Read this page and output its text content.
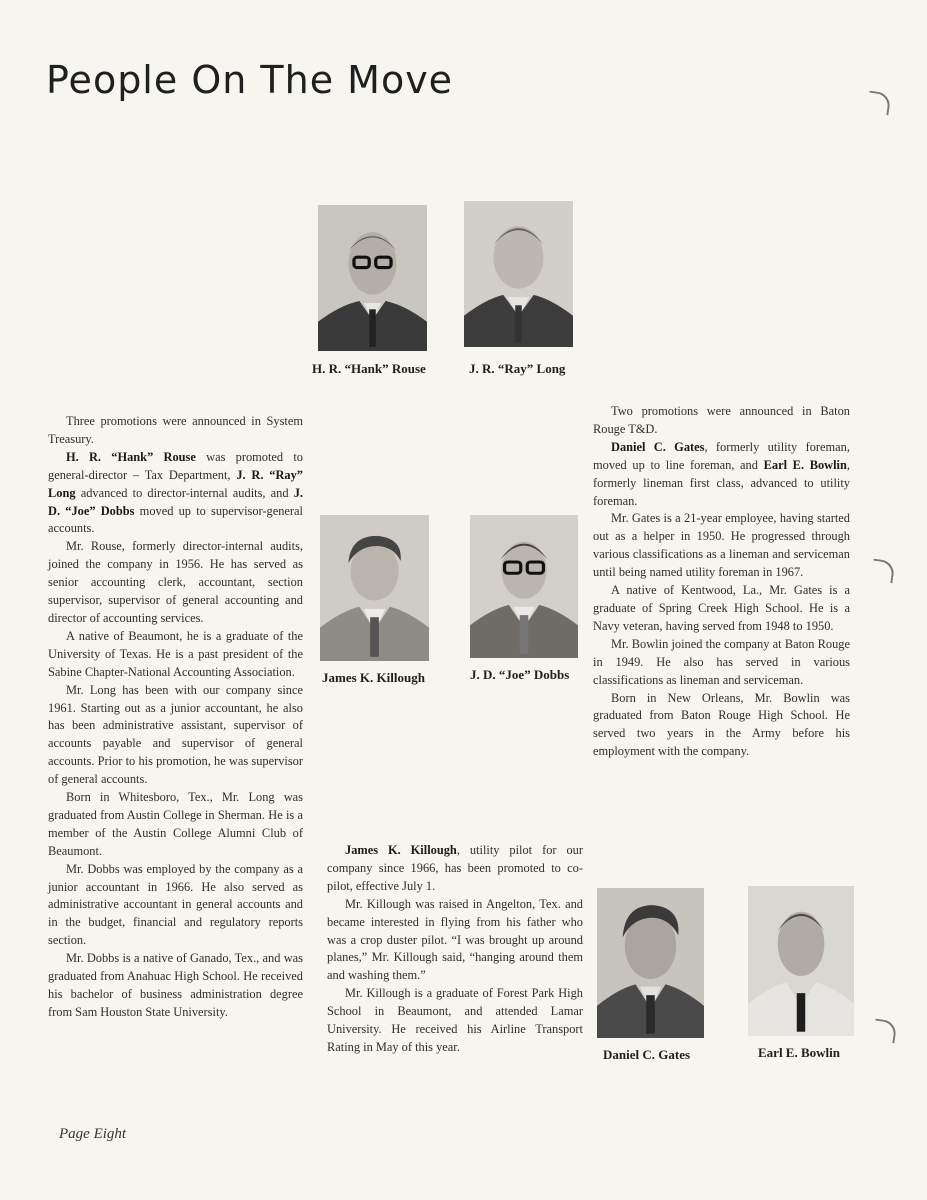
People On The Move
H. R. “Hank” Rouse	J. R. “Ray” Long
James K. Killough	J. D. “Joe” Dobbs
Daniel C. Gates	Earl E. Bowlin

Three promotions were announced in System Treasury.

H. R. “Hank” Rouse was promoted to general-director – Tax Department, J. R. “Ray” Long advanced to director-internal audits, and J. D. “Joe” Dobbs moved up to supervisor-general accounts.

Mr. Rouse, formerly director-internal audits, joined the company in 1956. He has served as senior accounting clerk, accountant, section supervisor, supervisor of general accounting and director of accounting services.

A native of Beaumont, he is a graduate of the University of Texas. He is a past president of the Sabine Chapter-National Accounting Association.

Mr. Long has been with our company since 1961. Starting out as a junior accountant, he also has been administrative assistant, supervisor of accounts payable and supervisor of general accounts. Prior to his promotion, he was supervisor of general accounts.

Born in Whitesboro, Tex., Mr. Long was graduated from Austin College in Sherman. He is a member of the Austin College Alumni Club of Beaumont.

Mr. Dobbs was employed by the company as a junior accountant in 1966. He also served as administrative accountant in general accounts and in the budget, financial and regulatory reports section.

Mr. Dobbs is a native of Ganado, Tex., and was graduated from Anahuac High School. He received his bachelor of business administration degree from Sam Houston State University.

James K. Killough, utility pilot for our company since 1966, has been promoted to co-pilot, effective July 1.

Mr. Killough was raised in Angelton, Tex. and became interested in flying from his father who was a crop duster pilot. “I was brought up around planes,” Mr. Killough said, “hanging around them and washing them.”

Mr. Killough is a graduate of Forest Park High School in Beaumont, and attended Lamar University. He received his Airline Transport Rating in May of this year.

Two promotions were announced in Baton Rouge T&D.

Daniel C. Gates, formerly utility foreman, moved up to line foreman, and Earl E. Bowlin, formerly lineman first class, advanced to utility foreman.

Mr. Gates is a 21-year employee, having started out as a helper in 1950. He progressed through various classifications as a lineman and serviceman until being named utility foreman in 1967.

A native of Kentwood, La., Mr. Gates is a graduate of Spring Creek High School. He is a Navy veteran, having served from 1948 to 1950.

Mr. Bowlin joined the company at Baton Rouge in 1949. He also has served in various classifications as lineman and serviceman.

Born in New Orleans, Mr. Bowlin was graduated from Baton Rouge High School. He served two years in the Army before his employment with the company.

Page Eight
